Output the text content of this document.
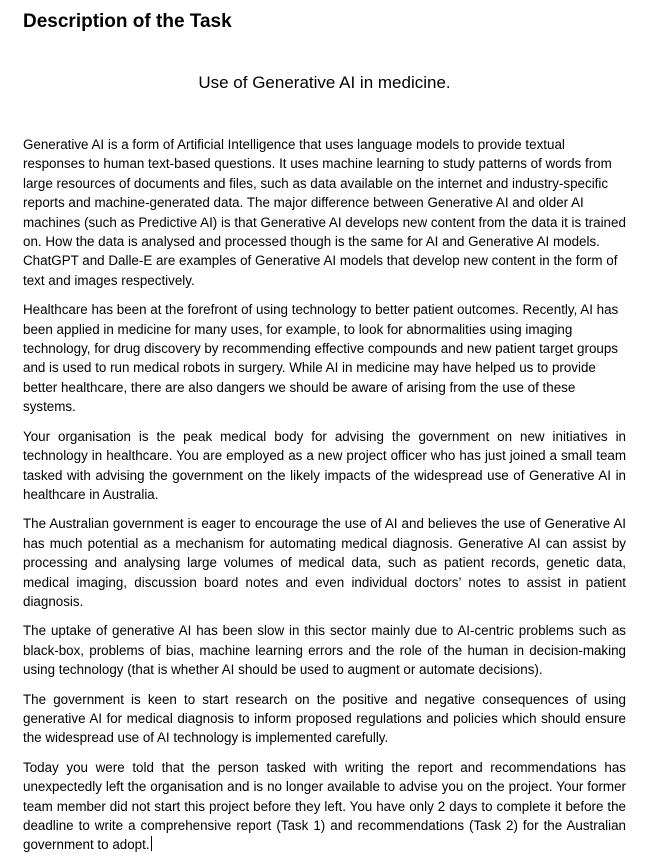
Description of the Task
Use of Generative AI in medicine.

Generative AI is a form of Artificial Intelligence that uses language models to provide textual responses to human text-based questions. It uses machine learning to study patterns of words from large resources of documents and files, such as data available on the internet and industry-specific reports and machine-generated data. The major difference between Generative AI and older AI machines (such as Predictive AI) is that Generative AI develops new content from the data it is trained on. How the data is analysed and processed though is the same for AI and Generative AI models. ChatGPT and Dalle-E are examples of Generative AI models that develop new content in the form of text and images respectively.

Healthcare has been at the forefront of using technology to better patient outcomes. Recently, AI has been applied in medicine for many uses, for example, to look for abnormalities using imaging technology, for drug discovery by recommending effective compounds and new patient target groups and is used to run medical robots in surgery. While AI in medicine may have helped us to provide better healthcare, there are also dangers we should be aware of arising from the use of these systems.

Your organisation is the peak medical body for advising the government on new initiatives in technology in healthcare. You are employed as a new project officer who has just joined a small team tasked with advising the government on the likely impacts of the widespread use of Generative AI in healthcare in Australia.

The Australian government is eager to encourage the use of AI and believes the use of Generative AI has much potential as a mechanism for automating medical diagnosis. Generative AI can assist by processing and analysing large volumes of medical data, such as patient records, genetic data, medical imaging, discussion board notes and even individual doctors’ notes to assist in patient diagnosis.

The uptake of generative AI has been slow in this sector mainly due to AI-centric problems such as black-box, problems of bias, machine learning errors and the role of the human in decision-making using technology (that is whether AI should be used to augment or automate decisions).

The government is keen to start research on the positive and negative consequences of using generative AI for medical diagnosis to inform proposed regulations and policies which should ensure the widespread use of AI technology is implemented carefully.

Today you were told that the person tasked with writing the report and recommendations has unexpectedly left the organisation and is no longer available to advise you on the project. Your former team member did not start this project before they left. You have only 2 days to complete it before the deadline to write a comprehensive report (Task 1) and recommendations (Task 2) for the Australian government to adopt.
